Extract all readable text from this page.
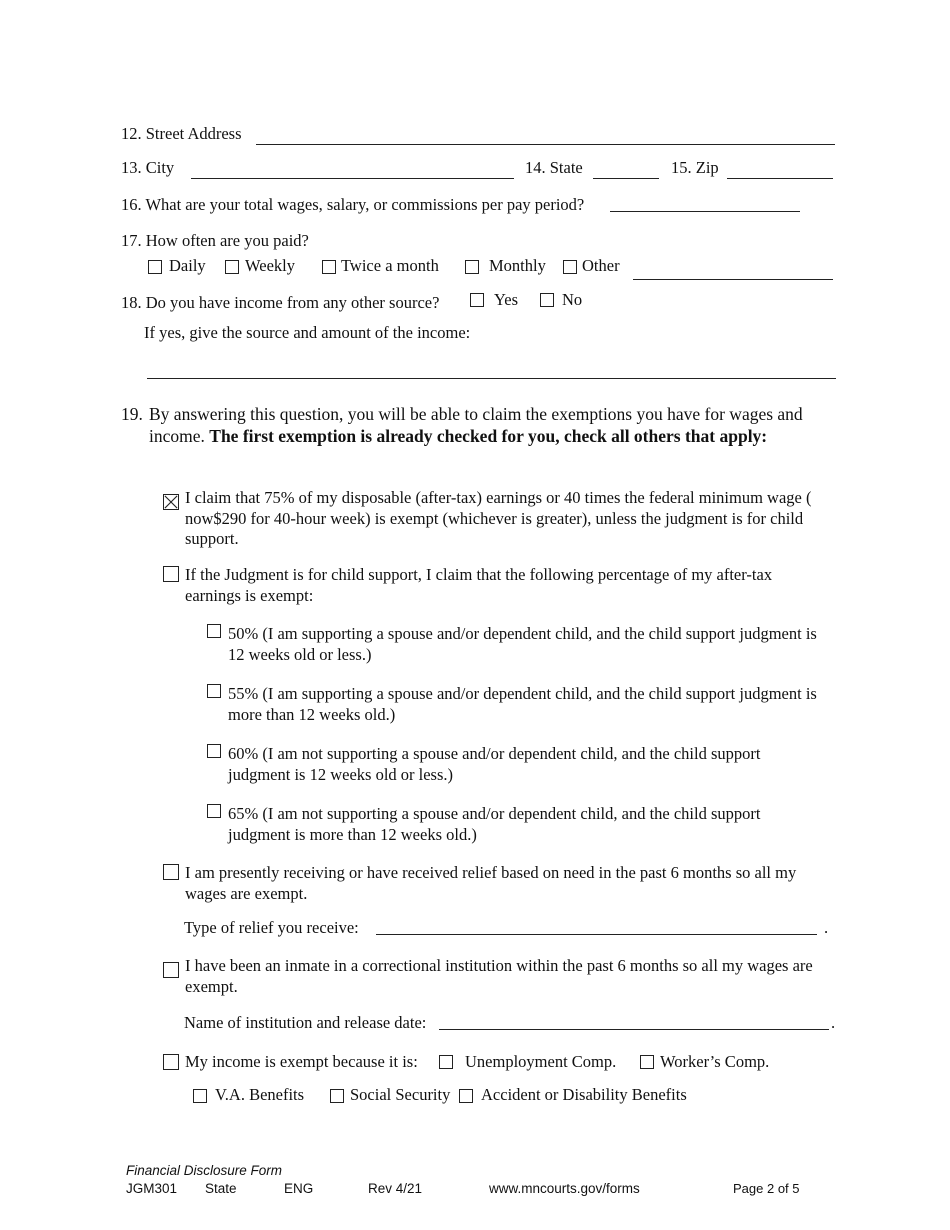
12. Street Address
13. City	14. State	15. Zip
16. What are your total wages, salary, or commissions per pay period?
17. How often are you paid?
Daily Weekly	Twice a month	Monthly Other
18. Do you have income from any other source?	Yes	No
If yes, give the source and amount of the income:
19. By answering this question, you will be able to claim the exemptions you have for wages and income. The first exemption is already checked for you, check all others that apply:
I claim that 75% of my disposable (after-tax) earnings or 40 times the federal minimum wage ( now$290 for 40-hour week) is exempt (whichever is greater), unless the judgment is for child support.
If the Judgment is for child support, I claim that the following percentage of my after-tax earnings is exempt:
50% (I am supporting a spouse and/or dependent child, and the child support judgment is 12 weeks old or less.)
55% (I am supporting a spouse and/or dependent child, and the child support judgment is more than 12 weeks old.)
60% (I am not supporting a spouse and/or dependent child, and the child support judgment is 12 weeks old or less.)
65% (I am not supporting a spouse and/or dependent child, and the child support judgment is more than 12 weeks old.)
I am presently receiving or have received relief based on need in the past 6 months so all my wages are exempt.
Type of relief you receive:	.
I have been an inmate in a correctional institution within the past 6 months so all my wages are exempt.
Name of institution and release date:	.
My income is exempt because it is:	Unemployment Comp.	Worker’s Comp.
V.A. Benefits	Social Security Accident or Disability Benefits
Financial Disclosure Form
JGM301 State	ENG	Rev 4/21	www.mncourts.gov/forms	Page 2 of 5
